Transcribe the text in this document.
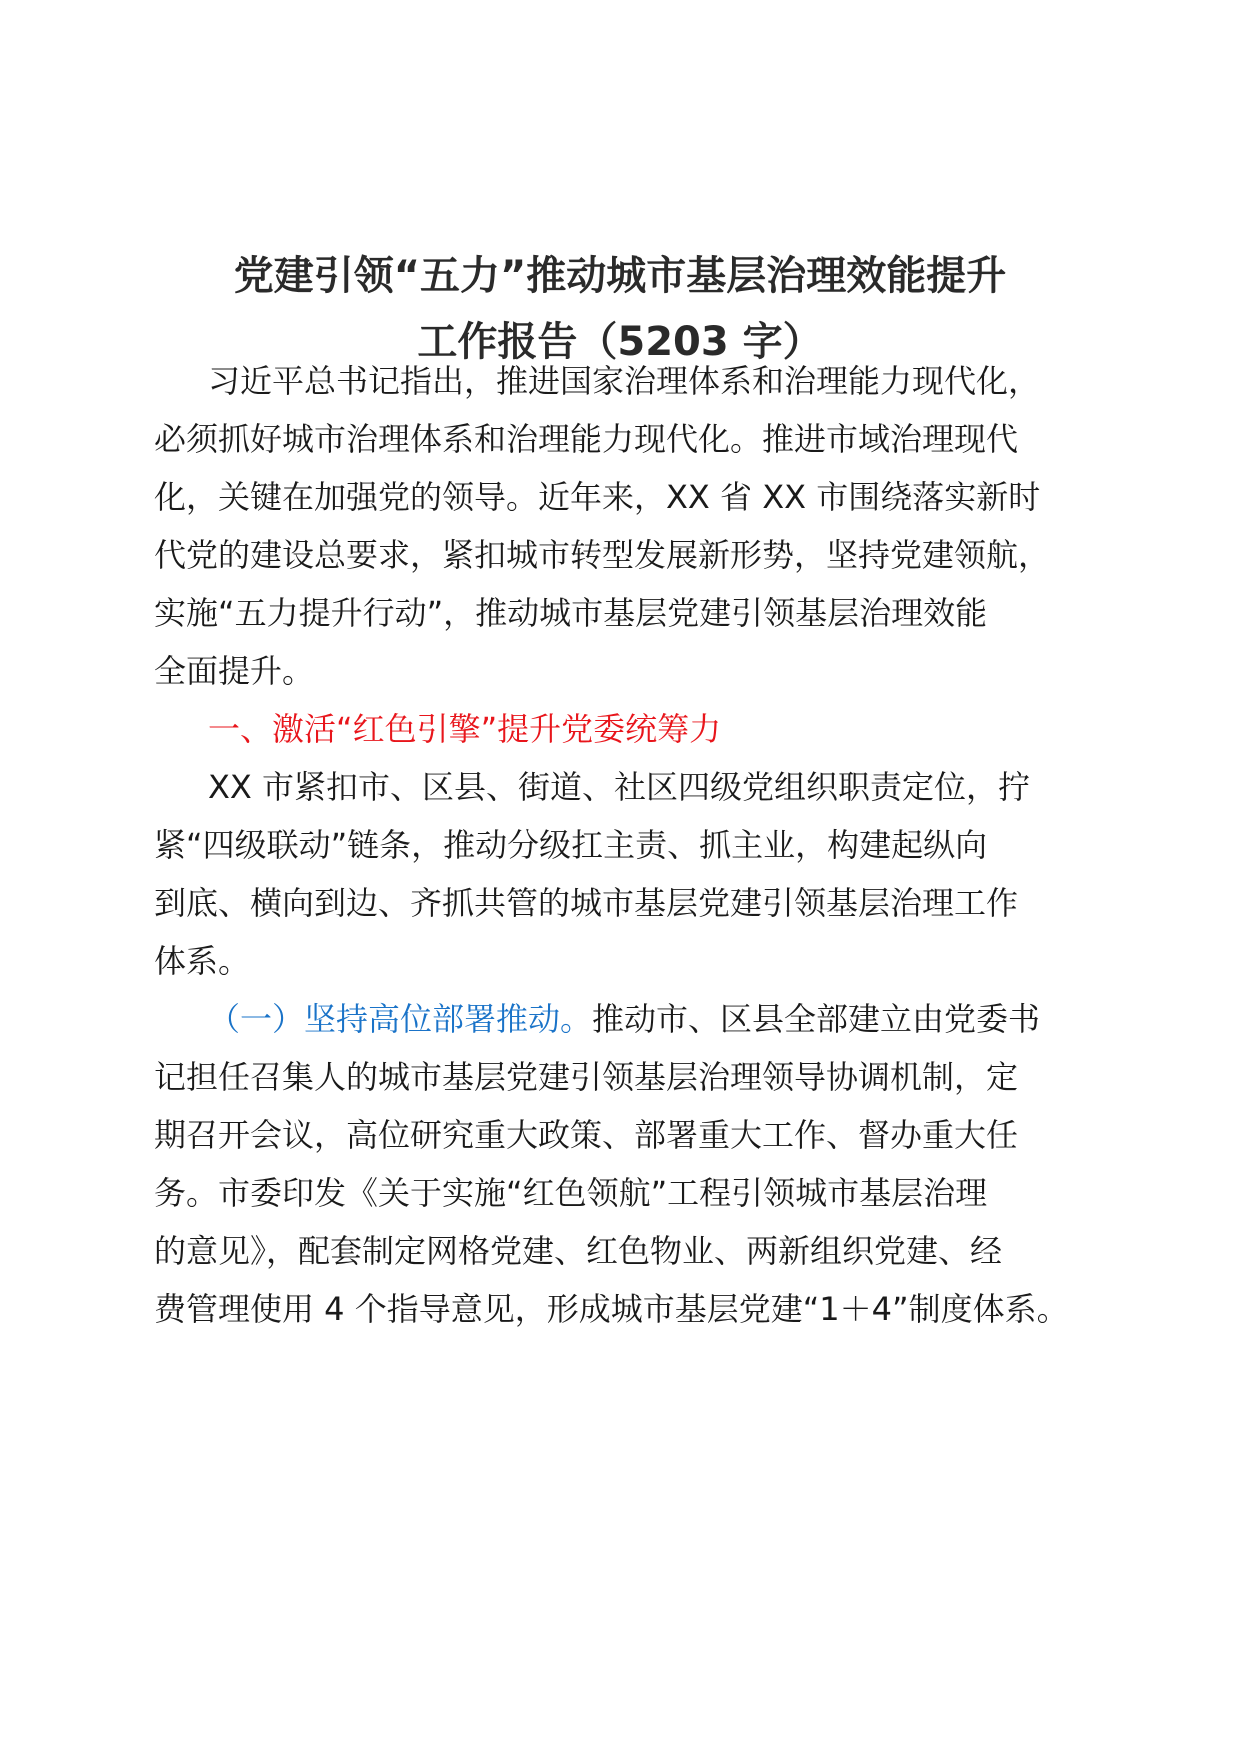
党建引领“五力”推动城市基层治理效能提升
工作报告（5203 字）
习近平总书记指出，推进国家治理体系和治理能力现代化，
必须抓好城市治理体系和治理能力现代化。推进市域治理现代
化，关键在加强党的领导。近年来，XX 省 XX 市围绕落实新时
代党的建设总要求，紧扣城市转型发展新形势，坚持党建领航，
实施“五力提升行动”，推动城市基层党建引领基层治理效能
全面提升。
一、激活“红色引擎”提升党委统筹力
XX 市紧扣市、区县、街道、社区四级党组织职责定位，拧
紧“四级联动”链条，推动分级扛主责、抓主业，构建起纵向
到底、横向到边、齐抓共管的城市基层党建引领基层治理工作
体系。
（一）坚持高位部署推动。推动市、区县全部建立由党委书
记担任召集人的城市基层党建引领基层治理领导协调机制，定
期召开会议，高位研究重大政策、部署重大工作、督办重大任
务。市委印发《关于实施“红色领航”工程引领城市基层治理
的意见》，配套制定网格党建、红色物业、两新组织党建、经
费管理使用 4 个指导意见，形成城市基层党建“1＋4”制度体系。
